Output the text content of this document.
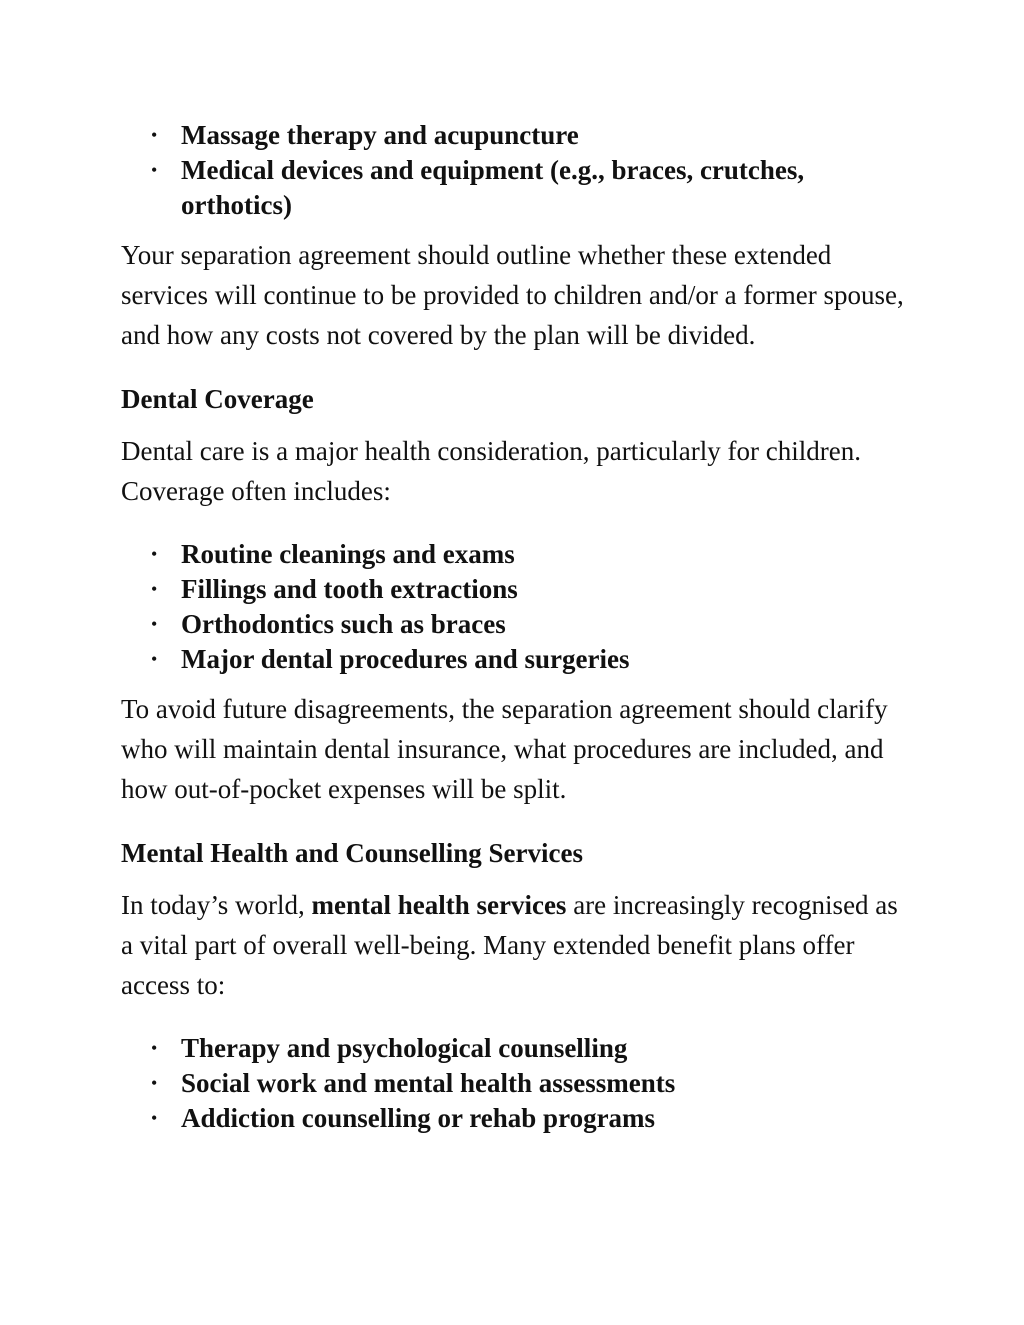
• Massage therapy and acupuncture
• Medical devices and equipment (e.g., braces, crutches, orthotics)

Your separation agreement should outline whether these extended services will continue to be provided to children and/or a former spouse, and how any costs not covered by the plan will be divided.

Dental Coverage

Dental care is a major health consideration, particularly for children. Coverage often includes:

• Routine cleanings and exams
• Fillings and tooth extractions
• Orthodontics such as braces
• Major dental procedures and surgeries

To avoid future disagreements, the separation agreement should clarify who will maintain dental insurance, what procedures are included, and how out-of-pocket expenses will be split.

Mental Health and Counselling Services

In today’s world, mental health services are increasingly recognised as a vital part of overall well-being. Many extended benefit plans offer access to:

• Therapy and psychological counselling
• Social work and mental health assessments
• Addiction counselling or rehab programs
